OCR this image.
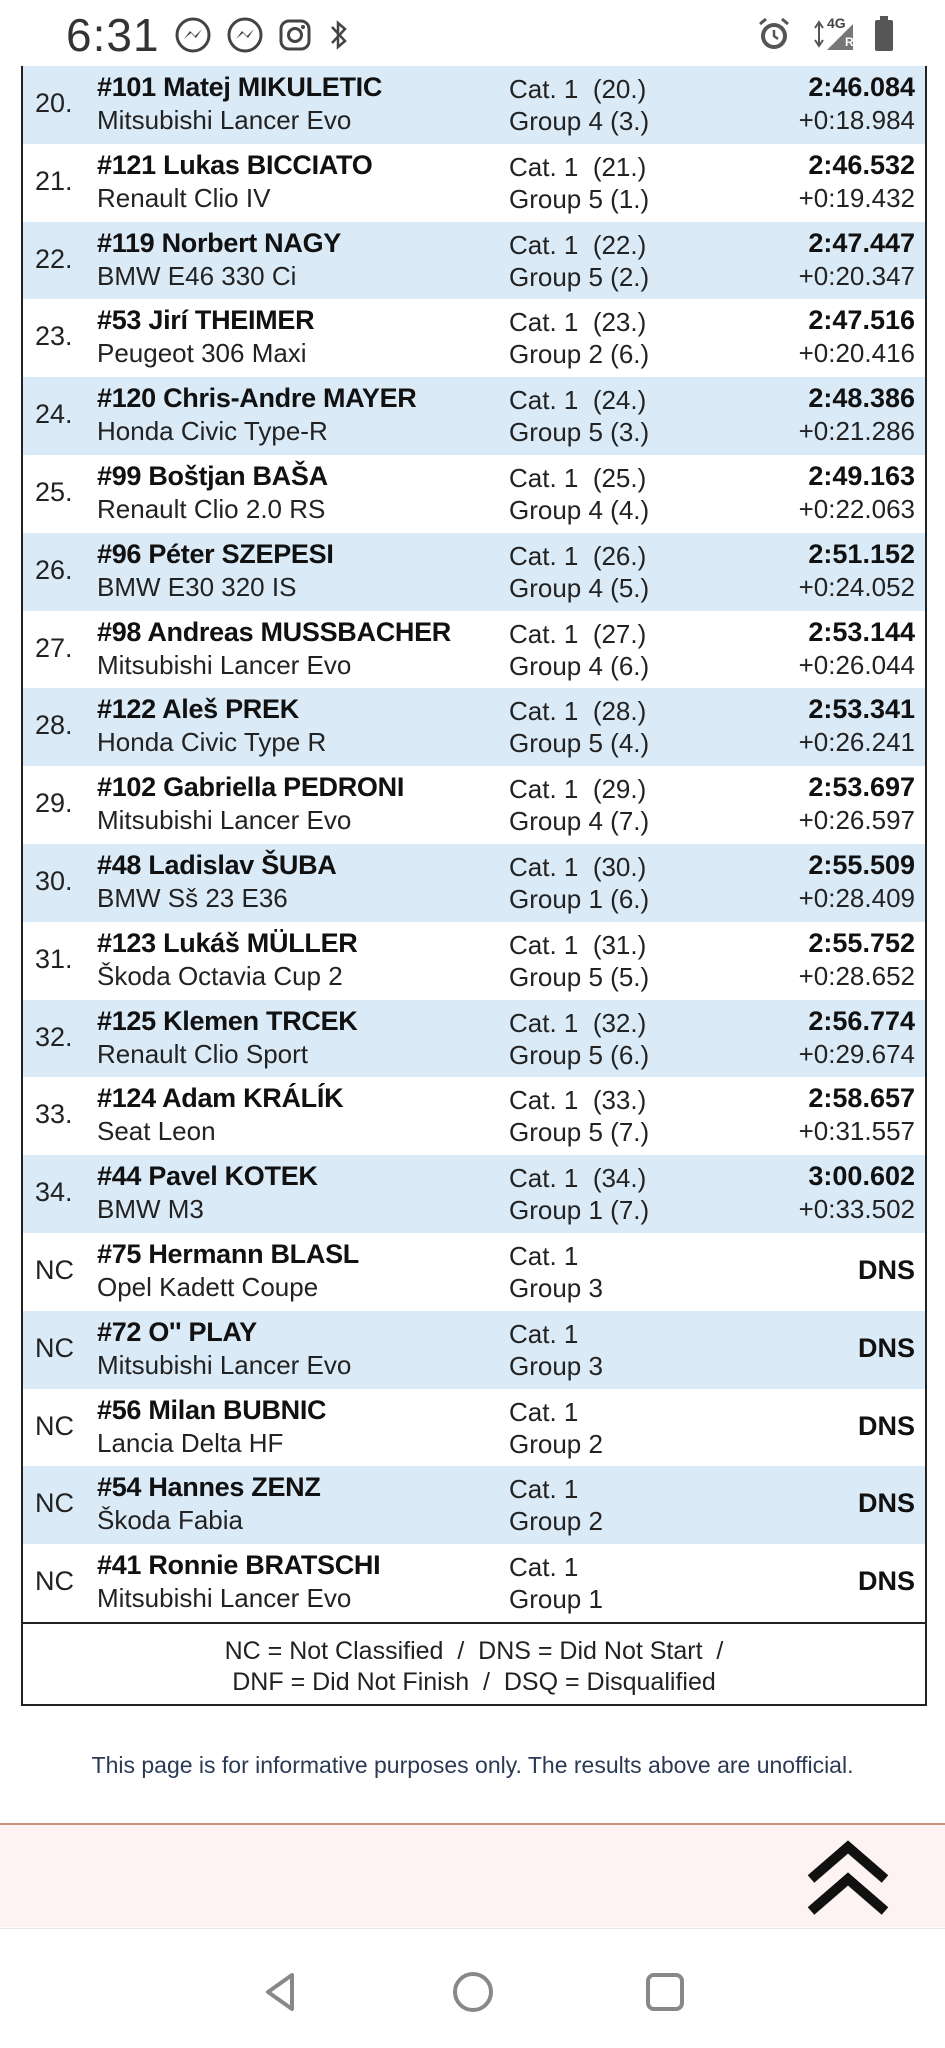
6:31	4G
R
20.
#101 Matej MIKULETIC
Mitsubishi Lancer Evo
Cat. 1  (20.)
Group 4 (3.)
2:46.084
+0:18.984
21.
#121 Lukas BICCIATO
Renault Clio IV
Cat. 1  (21.)
Group 5 (1.)
2:46.532
+0:19.432
22.
#119 Norbert NAGY
BMW E46 330 Ci
Cat. 1  (22.)
Group 5 (2.)
2:47.447
+0:20.347
23.
#53 Jirí THEIMER
Peugeot 306 Maxi
Cat. 1  (23.)
Group 2 (6.)
2:47.516
+0:20.416
24.
#120 Chris-Andre MAYER
Honda Civic Type-R
Cat. 1  (24.)
Group 5 (3.)
2:48.386
+0:21.286
25.
#99 Boštjan BAŠA
Renault Clio 2.0 RS
Cat. 1  (25.)
Group 4 (4.)
2:49.163
+0:22.063
26.
#96 Péter SZEPESI
BMW E30 320 IS
Cat. 1  (26.)
Group 4 (5.)
2:51.152
+0:24.052
27.
#98 Andreas MUSSBACHER
Mitsubishi Lancer Evo
Cat. 1  (27.)
Group 4 (6.)
2:53.144
+0:26.044
28.
#122 Aleš PREK
Honda Civic Type R
Cat. 1  (28.)
Group 5 (4.)
2:53.341
+0:26.241
29.
#102 Gabriella PEDRONI
Mitsubishi Lancer Evo
Cat. 1  (29.)
Group 4 (7.)
2:53.697
+0:26.597
30.
#48 Ladislav ŠUBA
BMW Sš 23 E36
Cat. 1  (30.)
Group 1 (6.)
2:55.509
+0:28.409
31.
#123 Lukáš MÜLLER
Škoda Octavia Cup 2
Cat. 1  (31.)
Group 5 (5.)
2:55.752
+0:28.652
32.
#125 Klemen TRCEK
Renault Clio Sport
Cat. 1  (32.)
Group 5 (6.)
2:56.774
+0:29.674
33.
#124 Adam KRÁLÍK
Seat Leon
Cat. 1  (33.)
Group 5 (7.)
2:58.657
+0:31.557
34.
#44 Pavel KOTEK
BMW M3
Cat. 1  (34.)
Group 1 (7.)
3:00.602
+0:33.502
NC
#75 Hermann BLASL
Opel Kadett Coupe
Cat. 1
Group 3
DNS
NC
#72 O'' PLAY
Mitsubishi Lancer Evo
Cat. 1
Group 3
DNS
NC
#56 Milan BUBNIC
Lancia Delta HF
Cat. 1
Group 2
DNS
NC
#54 Hannes ZENZ
Škoda Fabia
Cat. 1
Group 2
DNS
NC
#41 Ronnie BRATSCHI
Mitsubishi Lancer Evo
Cat. 1
Group 1
DNS
NC = Not Classified  /  DNS = Did Not Start  /
DNF = Did Not Finish  /  DSQ = Disqualified
This page is for informative purposes only. The results above are unofficial.
